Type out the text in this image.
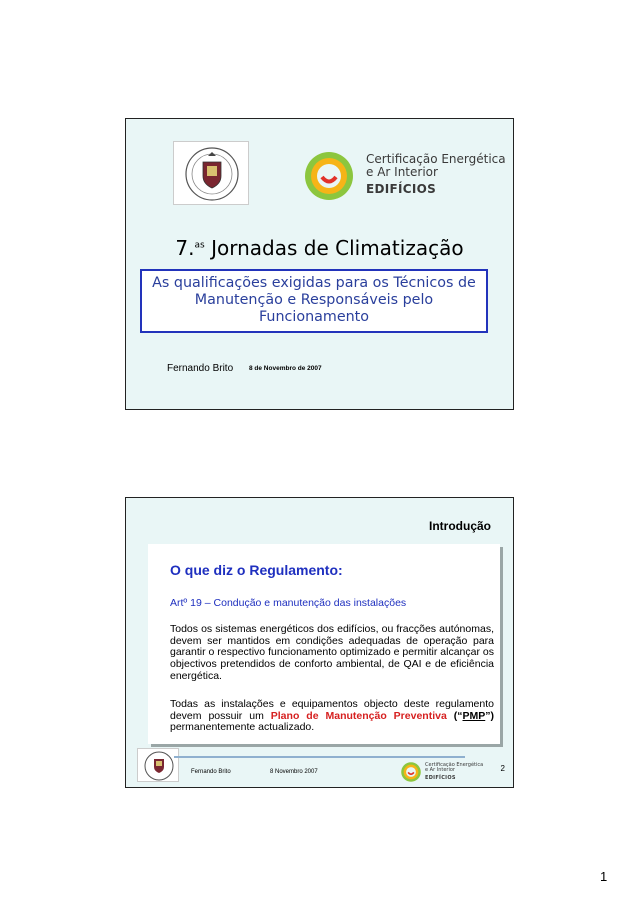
Certificação Energética
e Ar Interior
EDIFÍCIOS
7.$^{as}$ Jornadas de Climatização
As qualificações exigidas para os Técnicos de Manutenção e Responsáveis pelo Funcionamento
Fernando Brito 8 de Novembro de 2007
Introdução
O que diz o Regulamento:
Artº 19 – Condução e manutenção das instalações
Todos os sistemas energéticos dos edifícios, ou fracções autónomas, devem ser mantidos em condições adequadas de operação para garantir o respectivo funcionamento optimizado e permitir alcançar os objectivos pretendidos de conforto ambiental, de QAI e de eficiência energética.
Todas as instalações e equipamentos objecto deste regulamento devem possuir um Plano de Manutenção Preventiva (“PMP”) permanentemente actualizado.
Fernando Brito	8 Novembro 2007
Certificação Energética
e Ar Interior
EDIFÍCIOS
2
1
